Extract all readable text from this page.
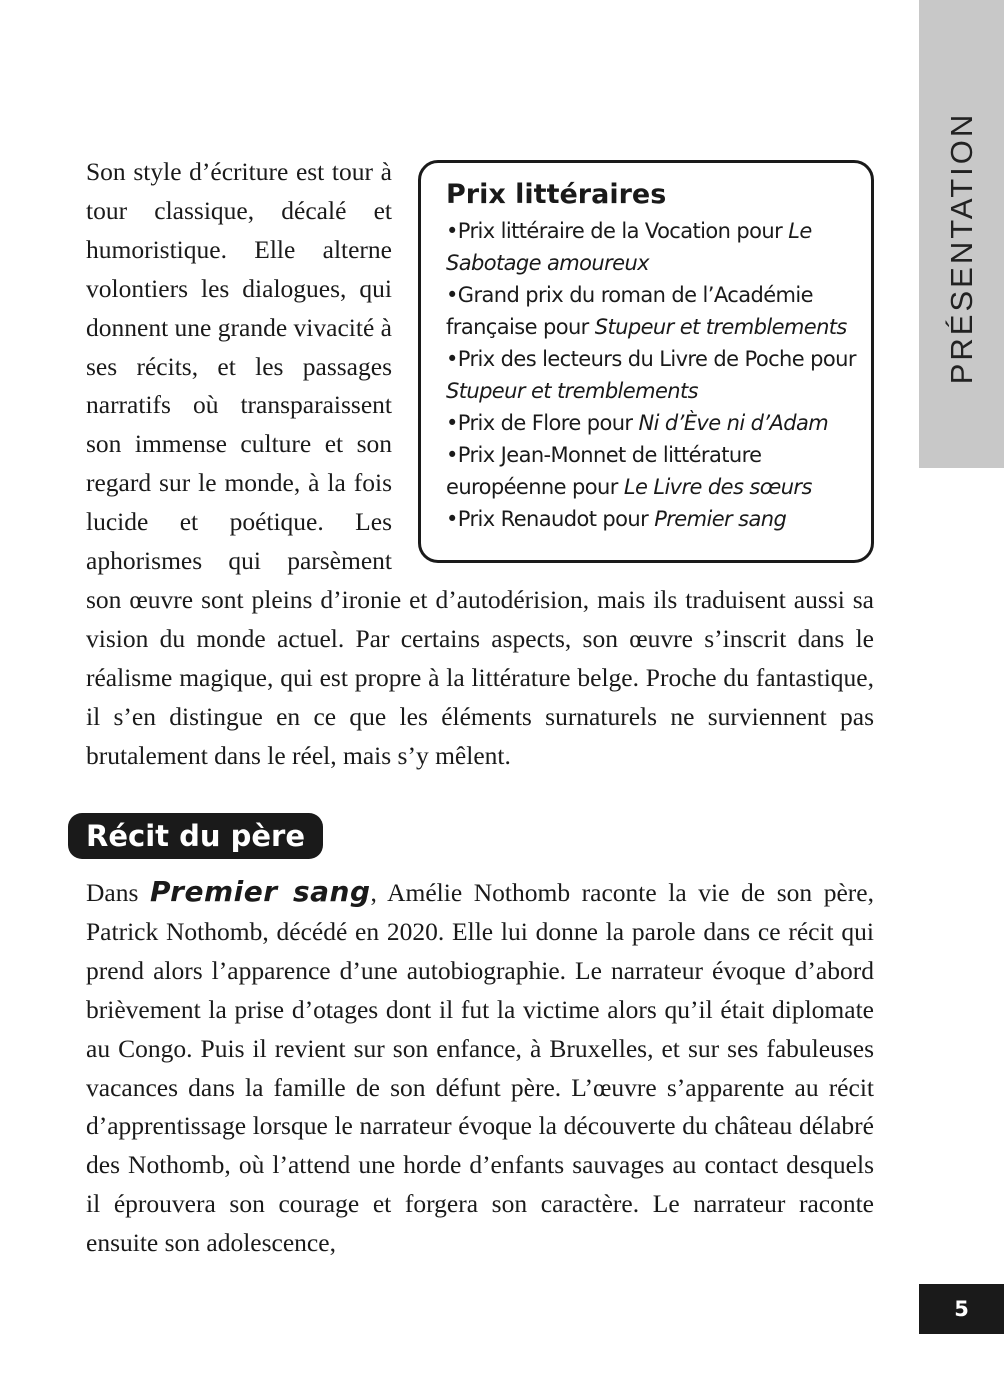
PRÉSENTATION
Prix littéraires
• Prix littéraire de la Vocation pour Le Sabotage amoureux
• Grand prix du roman de l’Académie française pour Stupeur et tremblements
• Prix des lecteurs du Livre de Poche pour Stupeur et tremblements
• Prix de Flore pour Ni d’Ève ni d’Adam
• Prix Jean-Monnet de littérature européenne pour Le Livre des sœurs
• Prix Renaudot pour Premier sang

Son style d’écriture est tour à tour classique, décalé et humoristique. Elle alterne volontiers les dialogues, qui donnent une grande vivacité à ses récits, et les passages narratifs où transparaissent son immense culture et son regard sur le monde, à la fois lucide et poétique. Les aphorismes qui parsèment son œuvre sont pleins d’ironie et d’autodérision, mais ils traduisent aussi sa vision du monde actuel. Par certains aspects, son œuvre s’inscrit dans le réalisme magique, qui est propre à la littérature belge. Proche du fantastique, il s’en distingue en ce que les éléments surnaturels ne surviennent pas brutalement dans le réel, mais s’y mêlent.

Récit du père

Dans Premier sang, Amélie Nothomb raconte la vie de son père, Patrick Nothomb, décédé en 2020. Elle lui donne la parole dans ce récit qui prend alors l’apparence d’une autobiographie. Le narrateur évoque d’abord brièvement la prise d’otages dont il fut la victime alors qu’il était diplomate au Congo. Puis il revient sur son enfance, à Bruxelles, et sur ses fabuleuses vacances dans la famille de son défunt père. L’œuvre s’apparente au récit d’apprentissage lorsque le narrateur évoque la découverte du château délabré des Nothomb, où l’attend une horde d’enfants sauvages au contact desquels il éprouvera son courage et forgera son caractère. Le narrateur raconte ensuite son adolescence,

5
